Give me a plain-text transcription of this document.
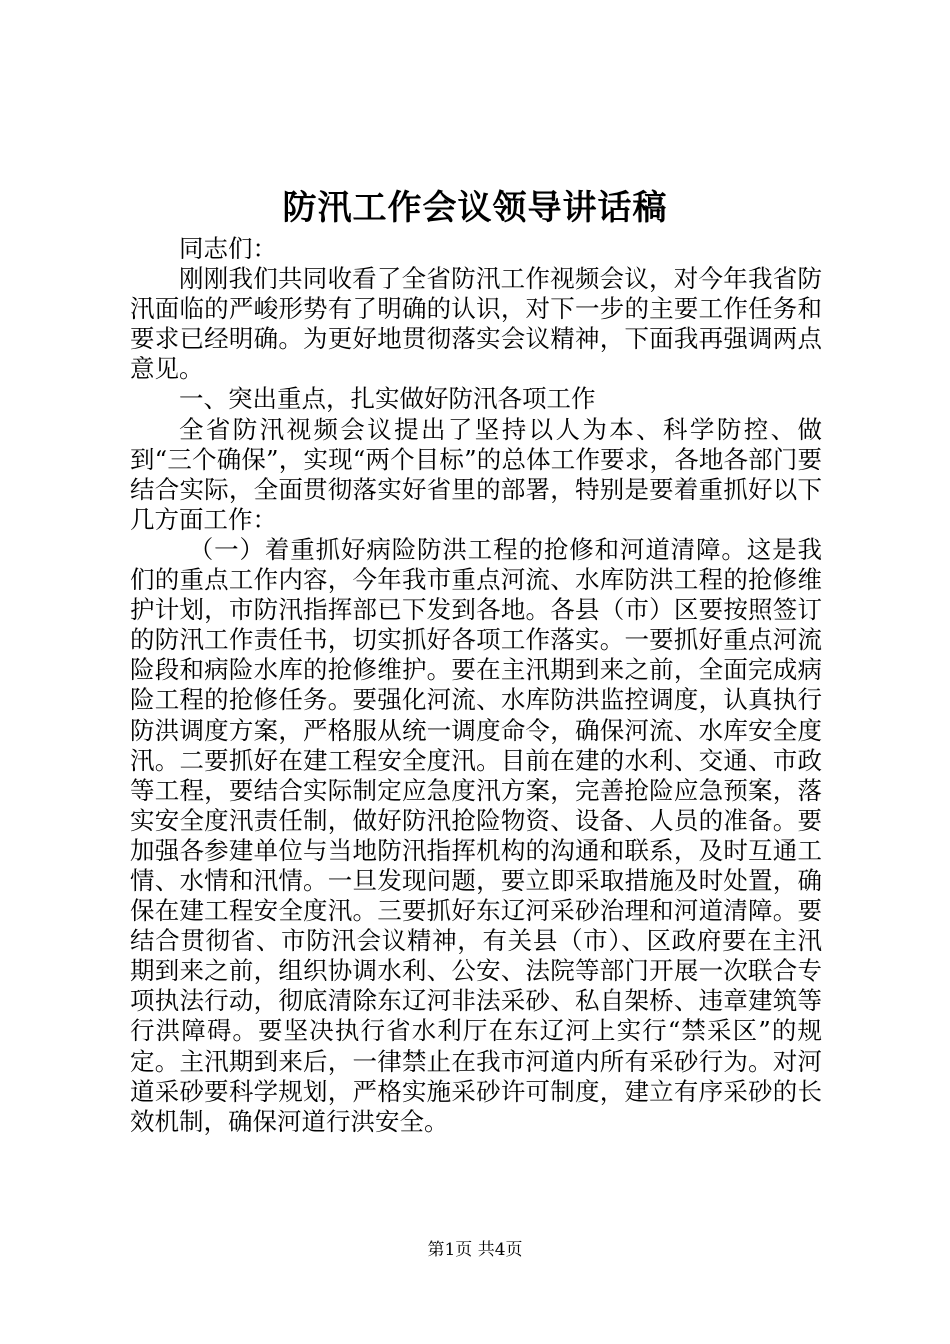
防汛工作会议领导讲话稿

同志们：

刚刚我们共同收看了全省防汛工作视频会议，对今年我省防汛面临的严峻形势有了明确的认识，对下一步的主要工作任务和要求已经明确。为更好地贯彻落实会议精神，下面我再强调两点意见。

一、突出重点，扎实做好防汛各项工作

全省防汛视频会议提出了坚持以人为本、科学防控、做到“三个确保”，实现“两个目标”的总体工作要求，各地各部门要结合实际，全面贯彻落实好省里的部署，特别是要着重抓好以下几方面工作：

（一）着重抓好病险防洪工程的抢修和河道清障。这是我们的重点工作内容，今年我市重点河流、水库防洪工程的抢修维护计划，市防汛指挥部已下发到各地。各县（市）区要按照签订的防汛工作责任书，切实抓好各项工作落实。一要抓好重点河流险段和病险水库的抢修维护。要在主汛期到来之前，全面完成病险工程的抢修任务。要强化河流、水库防洪监控调度，认真执行防洪调度方案，严格服从统一调度命令，确保河流、水库安全度汛。二要抓好在建工程安全度汛。目前在建的水利、交通、市政等工程，要结合实际制定应急度汛方案，完善抢险应急预案，落实安全度汛责任制，做好防汛抢险物资、设备、人员的准备。要加强各参建单位与当地防汛指挥机构的沟通和联系，及时互通工情、水情和汛情。一旦发现问题，要立即采取措施及时处置，确保在建工程安全度汛。三要抓好东辽河采砂治理和河道清障。要结合贯彻省、市防汛会议精神，有关县（市）、区政府要在主汛期到来之前，组织协调水利、公安、法院等部门开展一次联合专项执法行动，彻底清除东辽河非法采砂、私自架桥、违章建筑等行洪障碍。要坚决执行省水利厅在东辽河上实行“禁采区”的规定。主汛期到来后，一律禁止在我市河道内所有采砂行为。对河道采砂要科学规划，严格实施采砂许可制度，建立有序采砂的长效机制，确保河道行洪安全。

第1页 共4页
